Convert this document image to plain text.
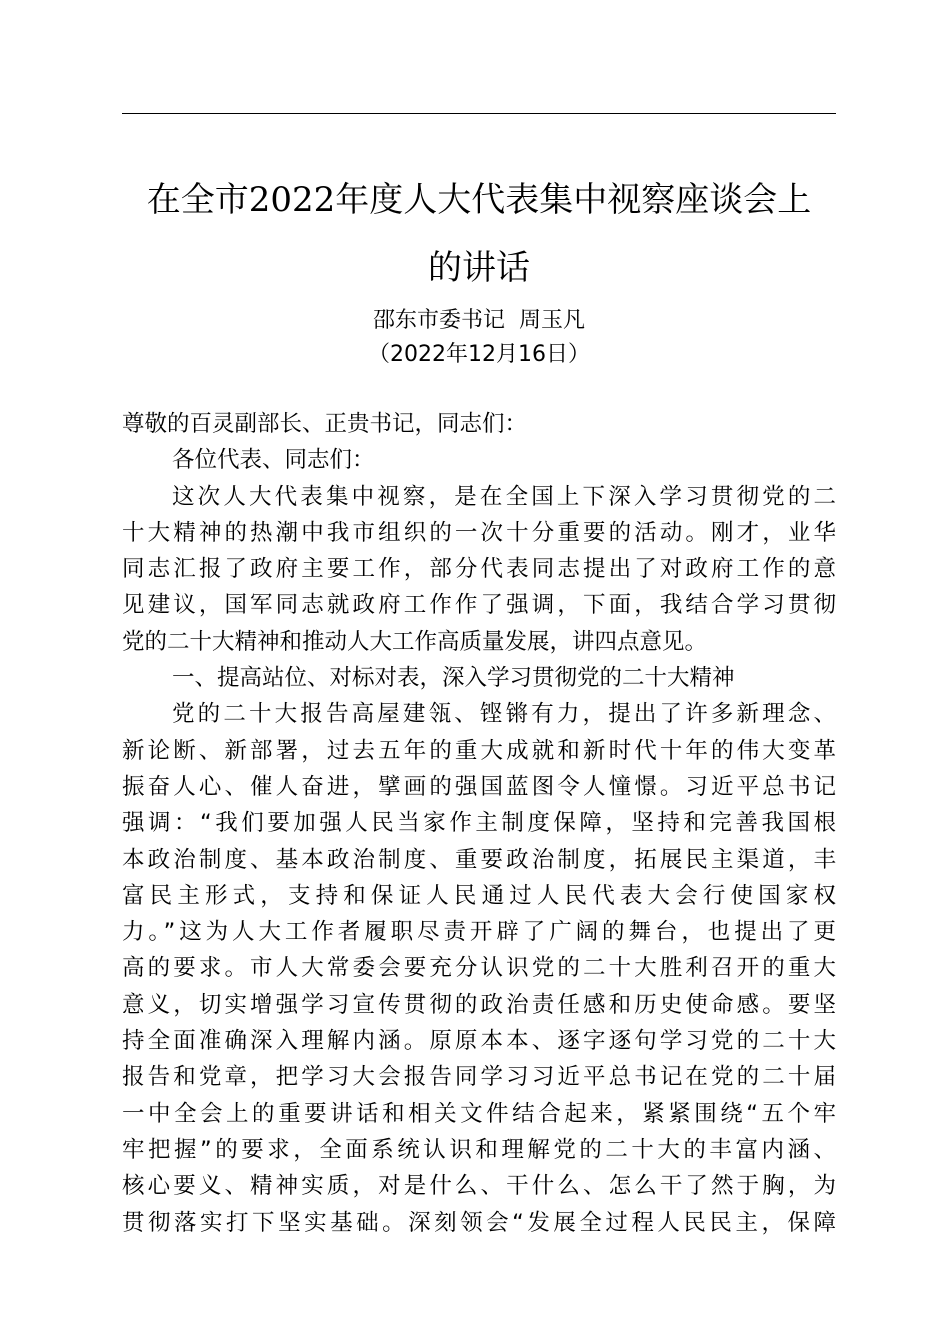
在全市2022年度人大代表集中视察座谈会上
的讲话
邵东市委书记 周玉凡
（2022年12月16日）
尊敬的百灵副部长、正贵书记，同志们：
各位代表、同志们：
这次人大代表集中视察，是在全国上下深入学习贯彻党的二
十大精神的热潮中我市组织的一次十分重要的活动。刚才，业华
同志汇报了政府主要工作，部分代表同志提出了对政府工作的意
见建议，国军同志就政府工作作了强调，下面，我结合学习贯彻
党的二十大精神和推动人大工作高质量发展，讲四点意见。
一、提高站位、对标对表，深入学习贯彻党的二十大精神
党的二十大报告高屋建瓴、铿锵有力，提出了许多新理念、
新论断、新部署，过去五年的重大成就和新时代十年的伟大变革
振奋人心、催人奋进，擘画的强国蓝图令人憧憬。习近平总书记
强调：“我们要加强人民当家作主制度保障，坚持和完善我国根
本政治制度、基本政治制度、重要政治制度，拓展民主渠道，丰
富民主形式，支持和保证人民通过人民代表大会行使国家权
力。”这为人大工作者履职尽责开辟了广阔的舞台，也提出了更
高的要求。市人大常委会要充分认识党的二十大胜利召开的重大
意义，切实增强学习宣传贯彻的政治责任感和历史使命感。要坚
持全面准确深入理解内涵。原原本本、逐字逐句学习党的二十大
报告和党章，把学习大会报告同学习习近平总书记在党的二十届
一中全会上的重要讲话和相关文件结合起来，紧紧围绕“五个牢
牢把握”的要求，全面系统认识和理解党的二十大的丰富内涵、
核心要义、精神实质，对是什么、干什么、怎么干了然于胸，为
贯彻落实打下坚实基础。深刻领会“发展全过程人民民主，保障
